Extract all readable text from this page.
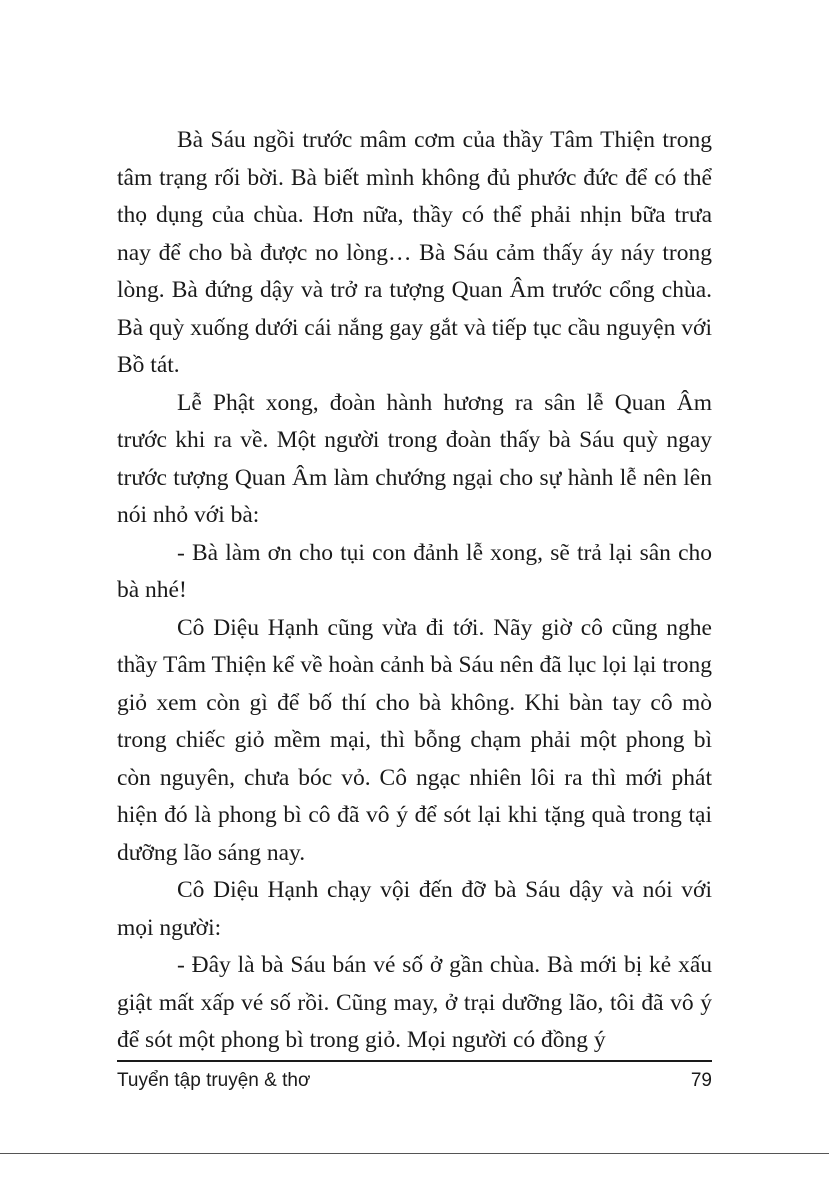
Bà Sáu ngồi trước mâm cơm của thầy Tâm Thiện trong tâm trạng rối bời. Bà biết mình không đủ phước đức để có thể thọ dụng của chùa. Hơn nữa, thầy có thể phải nhịn bữa trưa nay để cho bà được no lòng… Bà Sáu cảm thấy áy náy trong lòng. Bà đứng dậy và trở ra tượng Quan Âm trước cổng chùa. Bà quỳ xuống dưới cái nắng gay gắt và tiếp tục cầu nguyện với Bồ tát.

Lễ Phật xong, đoàn hành hương ra sân lễ Quan Âm trước khi ra về. Một người trong đoàn thấy bà Sáu quỳ ngay trước tượng Quan Âm làm chướng ngại cho sự hành lễ nên lên nói nhỏ với bà:

- Bà làm ơn cho tụi con đảnh lễ xong, sẽ trả lại sân cho bà nhé!

Cô Diệu Hạnh cũng vừa đi tới. Nãy giờ cô cũng nghe thầy Tâm Thiện kể về hoàn cảnh bà Sáu nên đã lục lọi lại trong giỏ xem còn gì để bố thí cho bà không. Khi bàn tay cô mò trong chiếc giỏ mềm mại, thì bỗng chạm phải một phong bì còn nguyên, chưa bóc vỏ. Cô ngạc nhiên lôi ra thì mới phát hiện đó là phong bì cô đã vô ý để sót lại khi tặng quà trong tại dưỡng lão sáng nay.

Cô Diệu Hạnh chạy vội đến đỡ bà Sáu dậy và nói với mọi người:

- Đây là bà Sáu bán vé số ở gần chùa. Bà mới bị kẻ xấu giật mất xấp vé số rồi. Cũng may, ở trại dưỡng lão, tôi đã vô ý để sót một phong bì trong giỏ. Mọi người có đồng ý

Tuyển tập truyện & thơ	79
